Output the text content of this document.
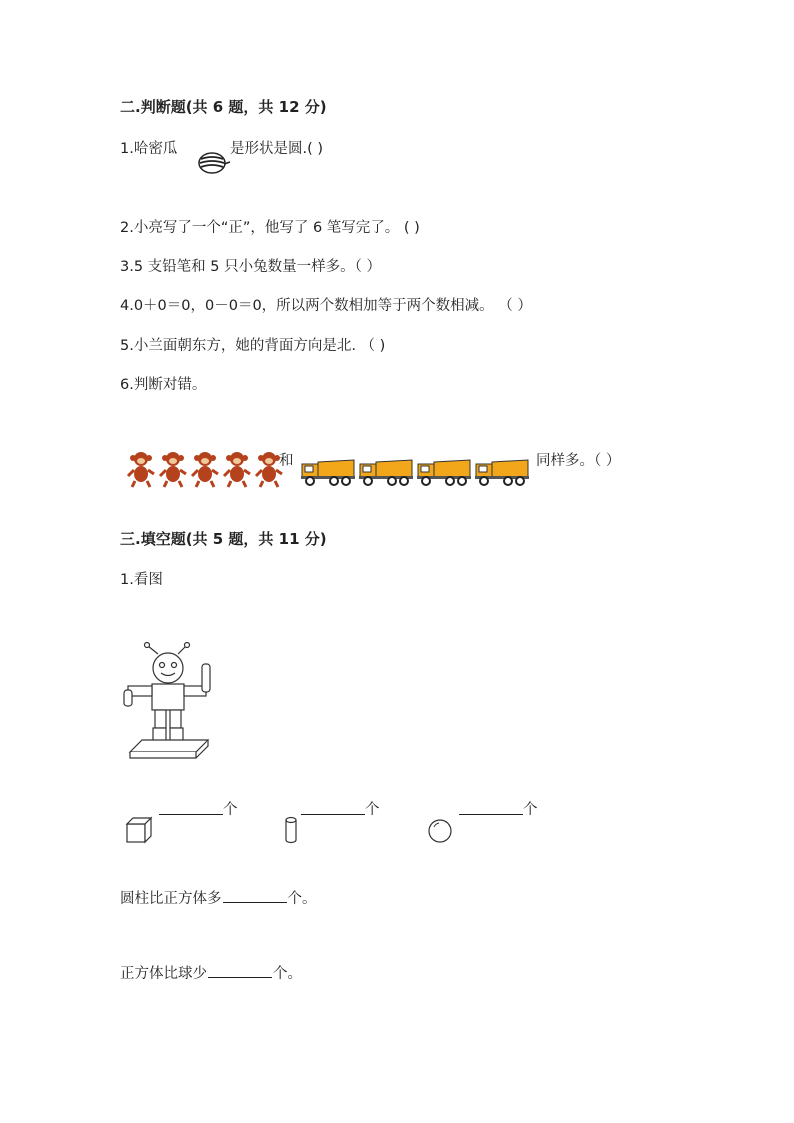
二.判断题(共 6 题，共 12 分)
1.哈密瓜	是形状是圆.( )
2.小亮写了一个“正”，他写了 6 笔写完了。 ( )
3.5 支铅笔和 5 只小兔数量一样多。（ ）
4.0＋0＝0，0－0＝0，所以两个数相加等于两个数相减。 （ ）
5.小兰面朝东方，她的背面方向是北. （ )
6.判断对错。
和	同样多。（ ）
三.填空题(共 5 题，共 11 分)
1.看图
个	个	个
圆柱比正方体多	个。
正方体比球少	个。
